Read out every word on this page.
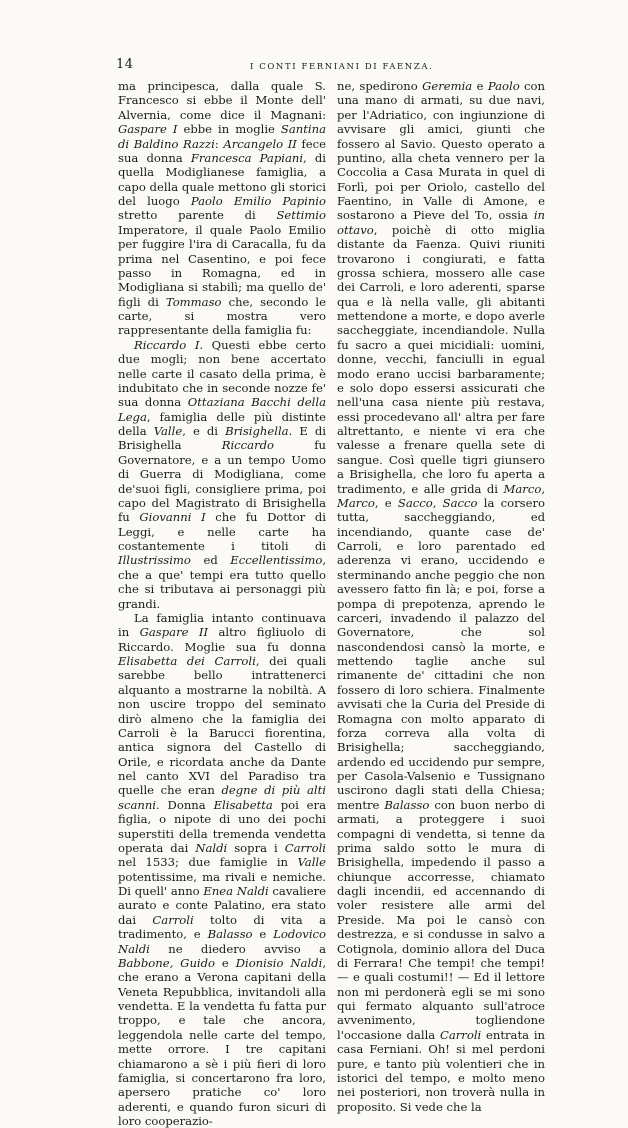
14	I CONTI FERNIANI DI FAENZA.

ma principesca, dalla quale S. Francesco si ebbe il Monte dell' Alvernia, come dice il Magnani: Gaspare I ebbe in moglie Santina di Baldino Razzi: Arcangelo II fece sua donna Francesca Papiani, di quella Modiglianese famiglia, a capo della quale mettono gli storici del luogo Paolo Emilio Papinio stretto parente di Settimio Imperatore, il quale Paolo Emilio per fuggire l'ira di Caracalla, fu da prima nel Casentino, e poi fece passo in Romagna, ed in Modigliana si stabilì; ma quello de' figli di Tommaso che, secondo le carte, si mostra vero rappresentante della famiglia fu:

Riccardo I. Questi ebbe certo due mogli; non bene accertato nelle carte il casato della prima, è indubitato che in seconde nozze fe' sua donna Ottaziana Bacchi della Lega, famiglia delle più distinte della Valle, e di Brisighella. E di Brisighella Riccardo fu Governatore, e a un tempo Uomo di Guerra di Modigliana, come de'suoi figli, consigliere prima, poi capo del Magistrato di Brisighella fu Giovanni I che fu Dottor di Leggi, e nelle carte ha costantemente i titoli di Illustrissimo ed Eccellentissimo, che a que' tempi era tutto quello che si tributava ai personaggi più grandi.

La famiglia intanto continuava in Gaspare II altro figliuolo di Riccardo. Moglie sua fu donna Elisabetta dei Carroli, dei quali sarebbe bello intrattenerci alquanto a mostrarne la nobiltà. A non uscire troppo del seminato dirò almeno che la famiglia dei Carroli è la Barucci fiorentina, antica signora del Castello di Orile, e ricordata anche da Dante nel canto XVI del Paradiso tra quelle che eran degne di più alti scanni. Donna Elisabetta poi era figlia, o nipote di uno dei pochi superstiti della tremenda vendetta operata dai Naldi sopra i Carroli nel 1533; due famiglie in Valle potentissime, ma rivali e nemiche. Di quell' anno Enea Naldi cavaliere aurato e conte Palatino, era stato dai Carroli tolto di vita a tradimento, e Balasso e Lodovico Naldi ne diedero avviso a Babbone, Guido e Dionisio Naldi, che erano a Verona capitani della Veneta Repubblica, invitandoli alla vendetta. E la vendetta fu fatta pur troppo, e tale che ancora, leggendola nelle carte del tempo, mette orrore. I tre capitani chiamarono a sè i più fieri di loro famiglia, si concertarono fra loro, apersero pratiche co' loro aderenti, e quando furon sicuri di loro cooperazio-

ne, spedirono Geremia e Paolo con una mano di armati, su due navi, per l'Adriatico, con ingiunzione di avvisare gli amici, giunti che fossero al Savio. Questo operato a puntino, alla cheta vennero per la Coccolia a Casa Murata in quel di Forlì, poi per Oriolo, castello del Faentino, in Valle di Amone, e sostarono a Pieve del To, ossia in ottavo, poichè di otto miglia distante da Faenza. Quivi riuniti trovarono i congiurati, e fatta grossa schiera, mossero alle case dei Carroli, e loro aderenti, sparse qua e là nella valle, gli abitanti mettendone a morte, e dopo averle saccheggiate, incendiandole. Nulla fu sacro a quei micidiali: uomini, donne, vecchi, fanciulli in egual modo erano uccisi barbaramente; e solo dopo essersi assicurati che nell'una casa niente più restava, essi procedevano all' altra per fare altrettanto, e niente vi era che valesse a frenare quella sete di sangue. Così quelle tigri giunsero a Brisighella, che loro fu aperta a tradimento, e alle grida di Marco, Marco, e Sacco, Sacco la corsero tutta, saccheggiando, ed incendiando, quante case de' Carroli, e loro parentado ed aderenza vi erano, uccidendo e sterminando anche peggio che non avessero fatto fin là; e poi, forse a pompa di prepotenza, aprendo le carceri, invadendo il palazzo del Governatore, che sol nascondendosi cansò la morte, e mettendo taglie anche sul rimanente de' cittadini che non fossero di loro schiera. Finalmente avvisati che la Curia del Preside di Romagna con molto apparato di forza correva alla volta di Brisighella; saccheggiando, ardendo ed uccidendo pur sempre, per Casola-Valsenio e Tussignano uscirono dagli stati della Chiesa; mentre Balasso con buon nerbo di armati, a proteggere i suoi compagni di vendetta, si tenne da prima saldo sotto le mura di Brisighella, impedendo il passo a chiunque accorresse, chiamato dagli incendii, ed accennando di voler resistere alle armi del Preside. Ma poi le cansò con destrezza, e si condusse in salvo a Cotignola, dominio allora del Duca di Ferrara! Che tempi! che tempi! — e quali costumi!! — Ed il lettore non mi perdonerà egli se mi sono qui fermato alquanto sull'atroce avvenimento, togliendone l'occasione dalla Carroli entrata in casa Ferniani. Oh! si mel perdoni pure, e tanto più volentieri che in istorici del tempo, e molto meno nei posteriori, non troverà nulla in proposito. Si vede che la
